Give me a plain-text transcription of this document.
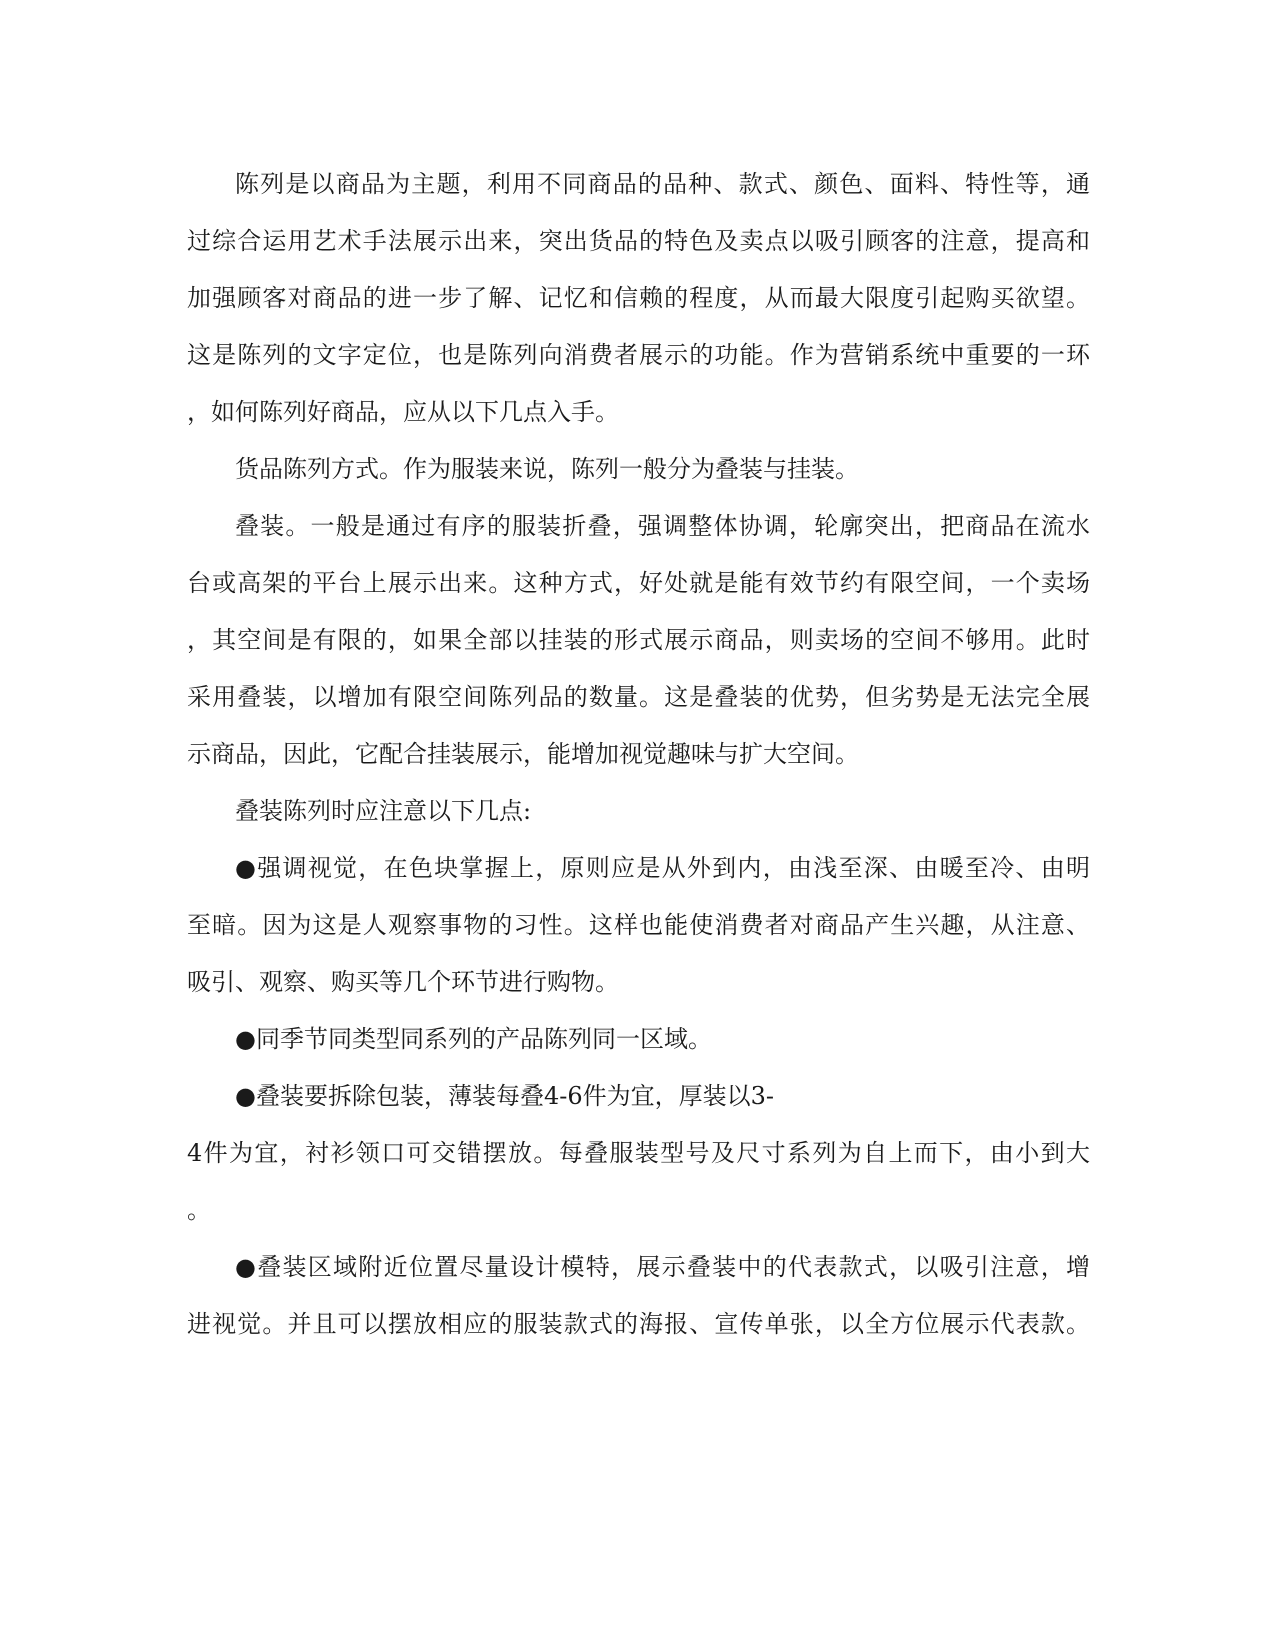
陈列是以商品为主题，利用不同商品的品种、款式、颜色、面料、特性等，通
过综合运用艺术手法展示出来，突出货品的特色及卖点以吸引顾客的注意，提高和
加强顾客对商品的进一步了解、记忆和信赖的程度，从而最大限度引起购买欲望。
这是陈列的文字定位，也是陈列向消费者展示的功能。作为营销系统中重要的一环
，如何陈列好商品，应从以下几点入手。
货品陈列方式。作为服装来说，陈列一般分为叠装与挂装。
叠装。一般是通过有序的服装折叠，强调整体协调，轮廓突出，把商品在流水
台或高架的平台上展示出来。这种方式，好处就是能有效节约有限空间，一个卖场
，其空间是有限的，如果全部以挂装的形式展示商品，则卖场的空间不够用。此时
采用叠装，以增加有限空间陈列品的数量。这是叠装的优势，但劣势是无法完全展
示商品，因此，它配合挂装展示，能增加视觉趣味与扩大空间。
叠装陈列时应注意以下几点:
●强调视觉，在色块掌握上，原则应是从外到内，由浅至深、由暖至冷、由明
至暗。因为这是人观察事物的习性。这样也能使消费者对商品产生兴趣，从注意、
吸引、观察、购买等几个环节进行购物。
●同季节同类型同系列的产品陈列同一区域。
●叠装要拆除包装，薄装每叠4-6件为宜，厚装以3-
4件为宜，衬衫领口可交错摆放。每叠服装型号及尺寸系列为自上而下，由小到大
。
●叠装区域附近位置尽量设计模特，展示叠装中的代表款式，以吸引注意，增
进视觉。并且可以摆放相应的服装款式的海报、宣传单张，以全方位展示代表款。
